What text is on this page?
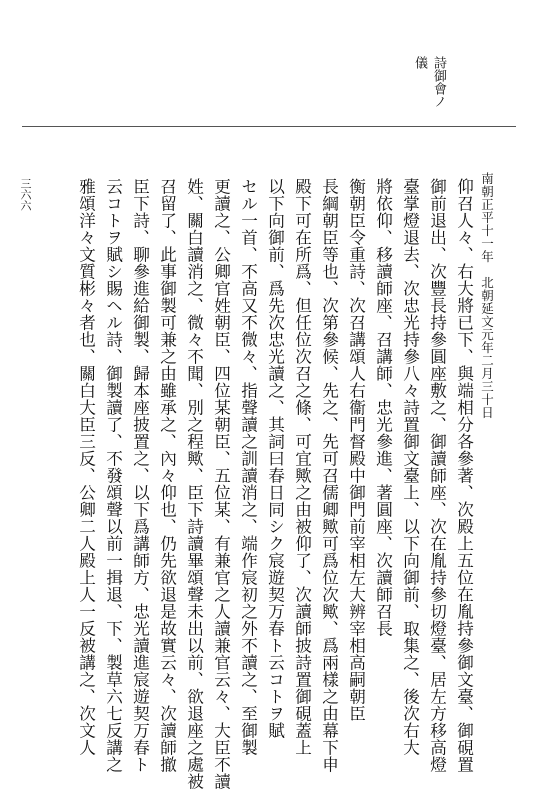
詩御會ノ
儀
三六六	南朝正平十一年　北朝延文元年二月三十日
仰召人々、右大將已下、與端相分各參著、次殿上五位在胤持參御文臺、御硯置
御前退出、次豐長持參圓座敷之、御讀師座、次在胤持參切燈臺、居左方移高燈
臺掌燈退去、次忠光持參八々詩置御文臺上、以下向御前、取集之、後次右大
將依仰、移讀師座、召講師、忠光參進、著圓座、次讀師召長
衡朝臣令重詩、次召講頌人右衞門督殿中御門前宰相左大辨宰相高嗣朝臣
長綱朝臣等也、次第參候、先之、先可召儒卿歟可爲位次歟、爲兩樣之由幕下申
殿下可在所爲、但任位次召之條、可宜歟之由被仰了、次讀師披詩置御硯蓋上
以下向御前、爲先次忠光讀之、其詞曰春日同シク宸遊契万春ト云コトヲ賦
セル一首、不高又不微々、指聲讀之訓讀消之、端作宸初之外不讀之、至御製
更讀之、公卿官姓朝臣、四位某朝臣、五位某、有兼官之人讀兼官云々、大臣不讀
姓、關白讀消之、微々不聞、別之程歟、臣下詩讀畢頌聲未出以前、欲退座之處被
召留了、此事御製可兼之由雖承之、內々仰也、仍先欲退是故實云々、次讀師撤
臣下詩、聊參進給御製、歸本座披置之、以下爲講師方、忠光讀進宸遊契万春ト
云コトヲ賦シ賜ヘル詩、御製讀了、不發頌聲以前一揖退、下、製草六七反講之
雅頌洋々文質彬々者也、關白大臣三反、公卿二人殿上人一反被講之、次文人
